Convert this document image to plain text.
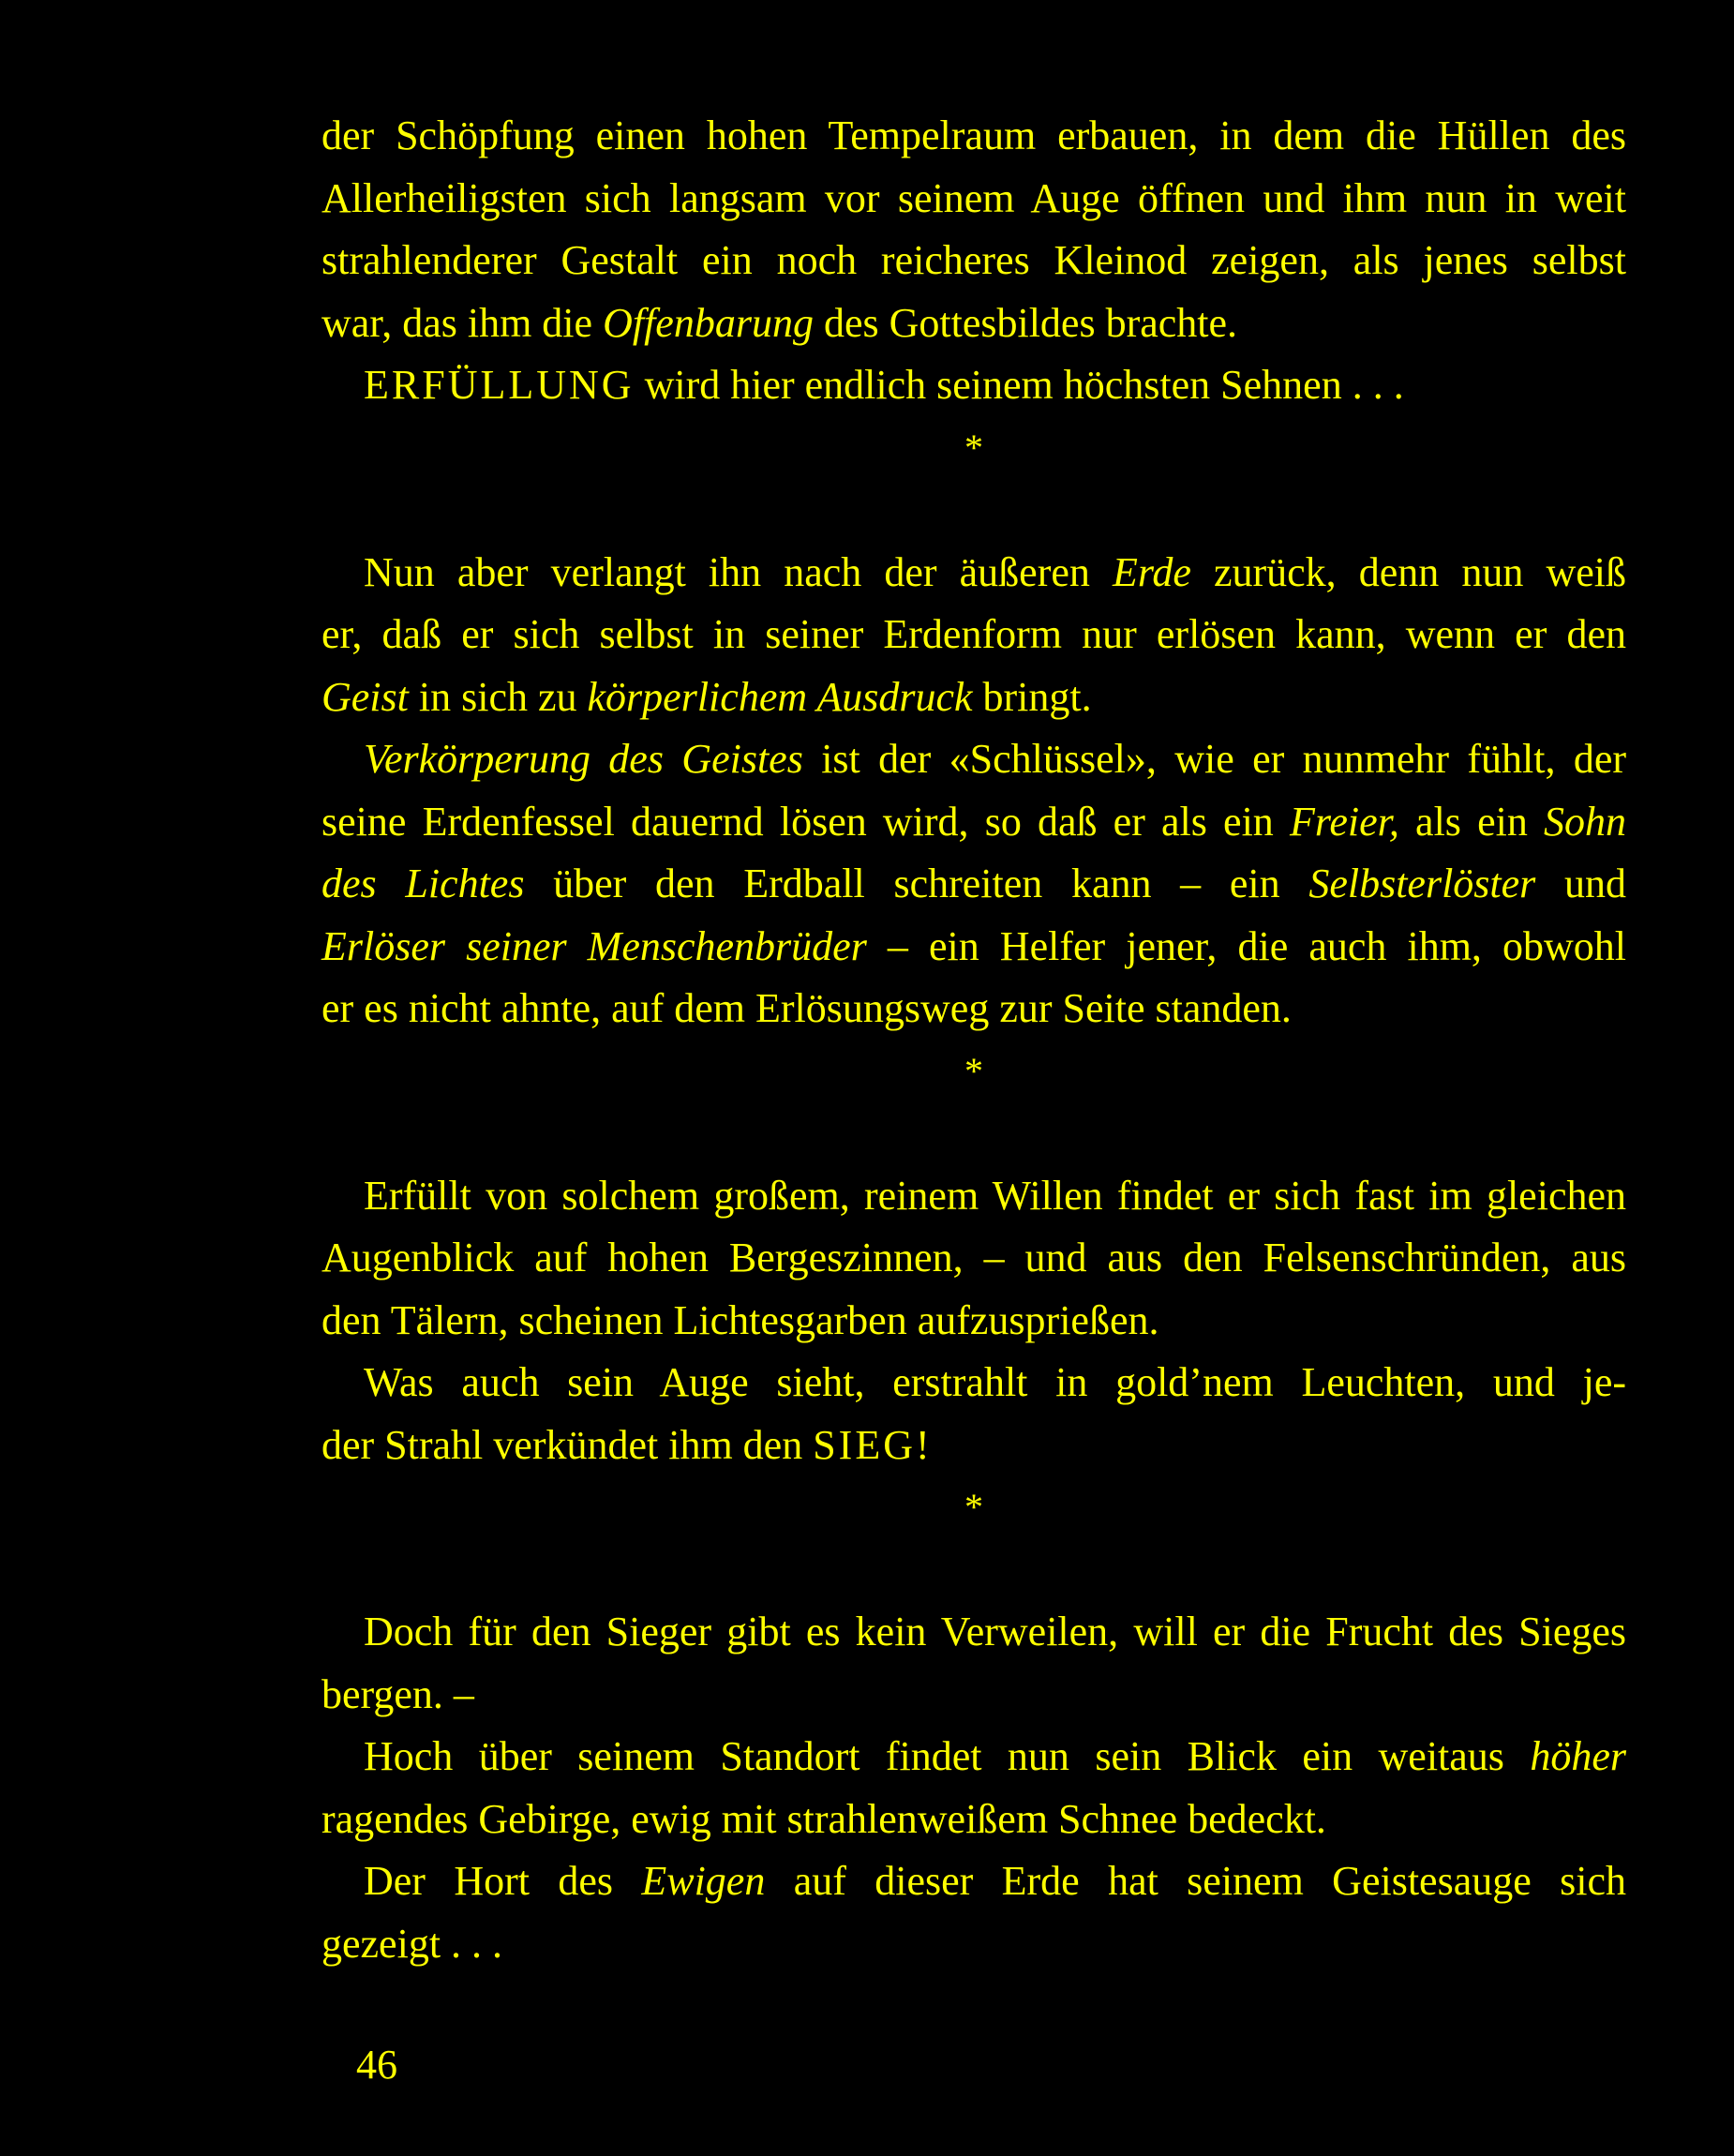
der Schöpfung einen hohen Tempelraum erbauen, in dem die Hüllen des
Allerheiligsten sich langsam vor seinem Auge öffnen und ihm nun in weit
strahlenderer Gestalt ein noch reicheres Kleinod zeigen, als jenes selbst
war, das ihm die Offenbarung des Gottesbildes brachte.
ERFÜLLUNG wird hier endlich seinem höchsten Sehnen . . .
*
Nun aber verlangt ihn nach der äußeren Erde zurück, denn nun weiß
er, daß er sich selbst in seiner Erdenform nur erlösen kann, wenn er den
Geist in sich zu körperlichem Ausdruck bringt.
Verkörperung des Geistes ist der «Schlüssel», wie er nunmehr fühlt, der
seine Erdenfessel dauernd lösen wird, so daß er als ein Freier, als ein Sohn
des Lichtes über den Erdball schreiten kann – ein Selbsterlöster und
Erlöser seiner Menschenbrüder – ein Helfer jener, die auch ihm, obwohl
er es nicht ahnte, auf dem Erlösungsweg zur Seite standen.
*
Erfüllt von solchem großem, reinem Willen findet er sich fast im gleichen
Augenblick auf hohen Bergeszinnen, – und aus den Felsenschründen, aus
den Tälern, scheinen Lichtesgarben aufzusprießen.
Was auch sein Auge sieht, erstrahlt in gold’nem Leuchten, und je-
der Strahl verkündet ihm den SIEG!
*
Doch für den Sieger gibt es kein Verweilen, will er die Frucht des Sieges
bergen. –
Hoch über seinem Standort findet nun sein Blick ein weitaus höher
ragendes Gebirge, ewig mit strahlenweißem Schnee bedeckt.
Der Hort des Ewigen auf dieser Erde hat seinem Geistesauge sich
gezeigt . . .
46
